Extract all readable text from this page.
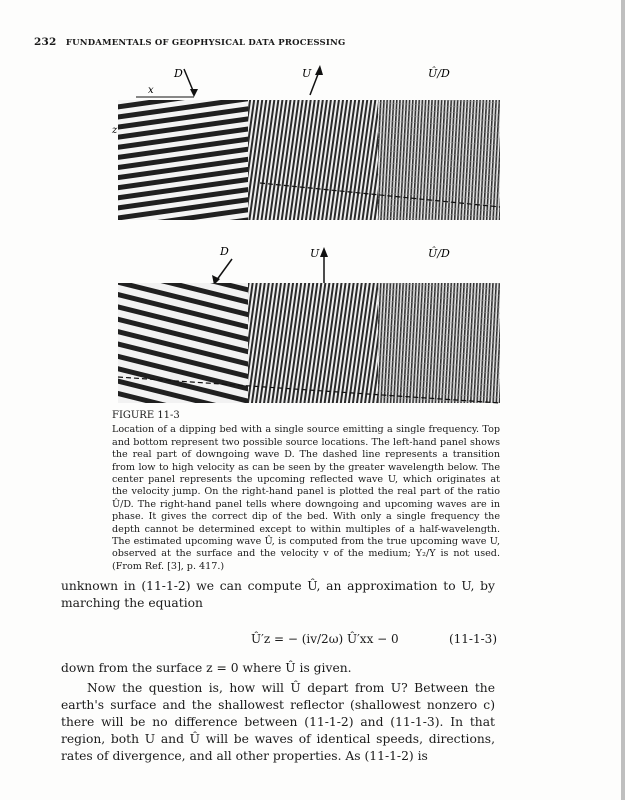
232 FUNDAMENTALS OF GEOPHYSICAL DATA PROCESSING
D
x
z
U	Û/D
D	U	Û/D
FIGURE 11-3
Location of a dipping bed with a single source emitting a single frequency. Top and bottom represent two possible source locations. The left-hand panel shows the real part of downgoing wave D. The dashed line represents a transition from low to high velocity as can be seen by the greater wavelength below. The center panel represents the upcoming reflected wave U, which originates at the velocity jump. On the right-hand panel is plotted the real part of the ratio Û/D. The right-hand panel tells where downgoing and upcoming waves are in phase. It gives the correct dip of the bed. With only a single frequency the depth cannot be determined except to within multiples of a half-wavelength. The estimated upcoming wave Û, is computed from the true upcoming wave U, observed at the surface and the velocity v of the medium; Y₂/Y is not used. (From Ref. [3], p. 417.)
unknown in (11-1-2) we can compute Û, an approximation to U, by marching the equation
Û′z = − (iv/2ω) Û′xx − 0	(11-1-3)
down from the surface z = 0 where Û is given.
Now the question is, how will Û depart from U? Between the earth's surface and the shallowest reflector (shallowest nonzero c) there will be no difference between (11-1-2) and (11-1-3). In that region, both U and Û will be waves of identical speeds, directions, rates of divergence, and all other properties. As (11-1-2) is
